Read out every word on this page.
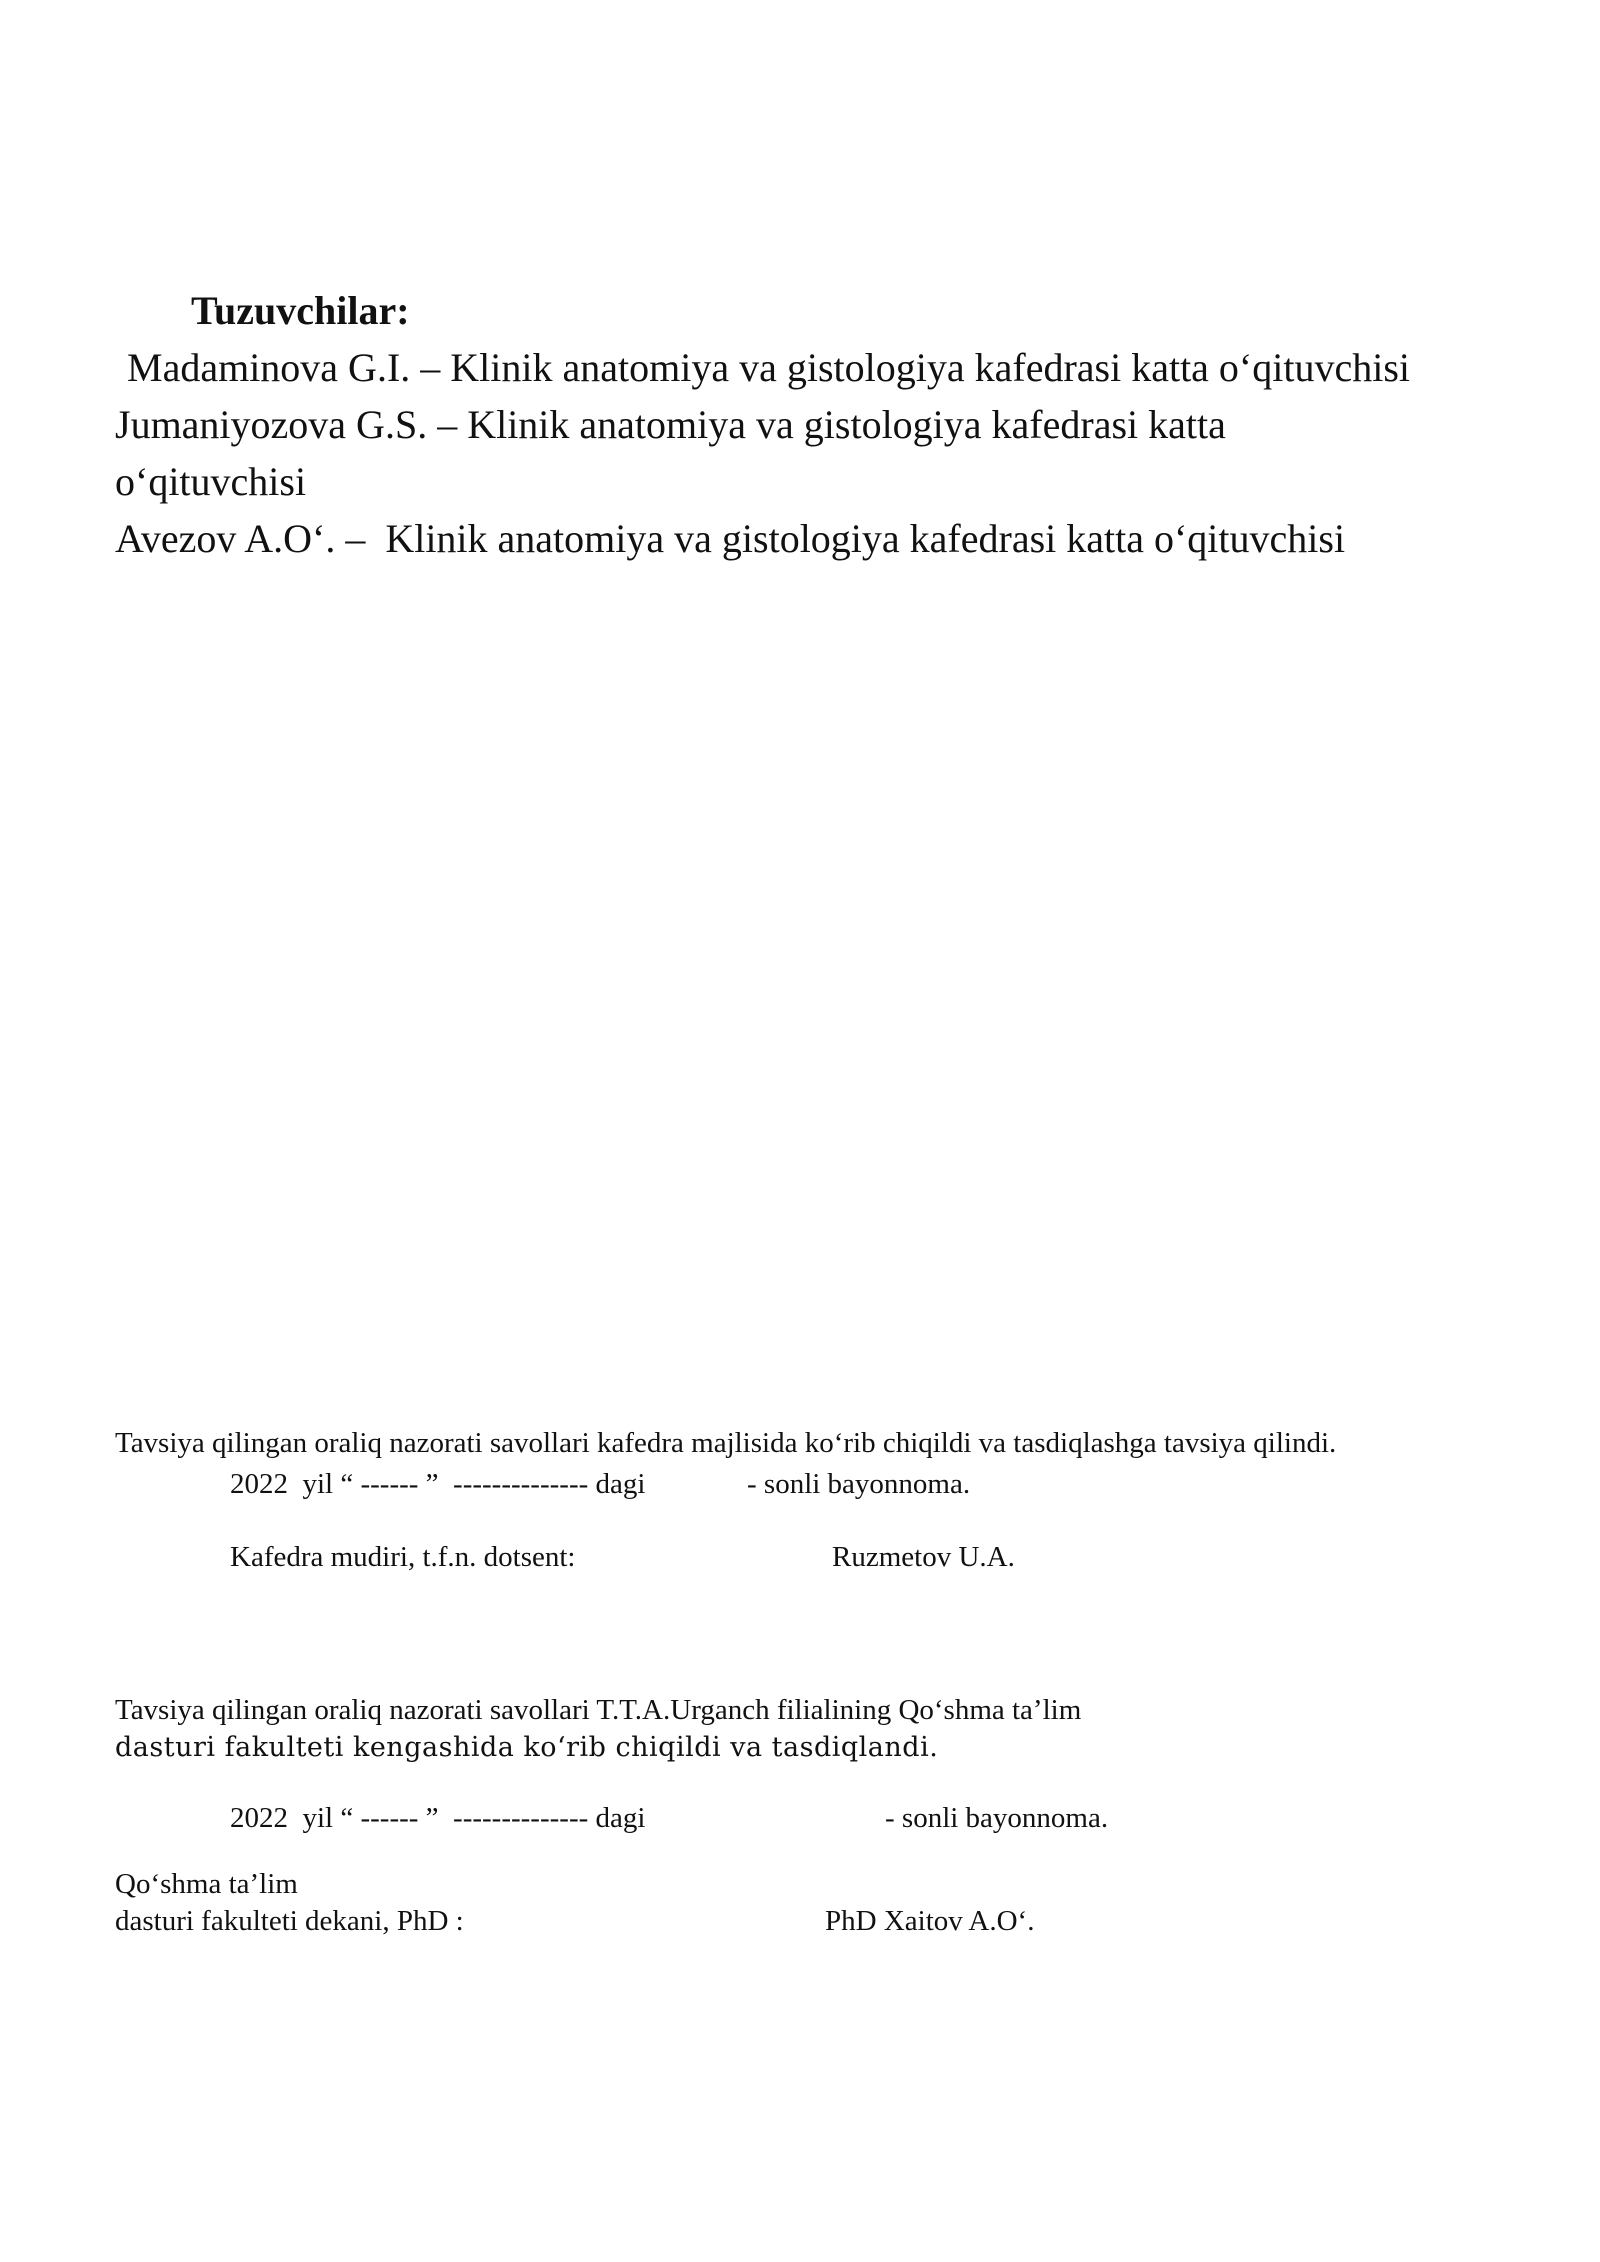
Tuzuvchilar:

Madaminova G.I. – Klinik anatomiya va gistologiya kafedrasi katta o‘qituvchisi

Jumaniyozova G.S. – Klinik anatomiya va gistologiya kafedrasi katta o‘qituvchisi

Avezov A.O‘. –  Klinik anatomiya va gistologiya kafedrasi katta o‘qituvchisi

Tavsiya qilingan oraliq nazorati savollari kafedra majlisida ko‘rib chiqildi va tasdiqlashga tavsiya qilindi.

2022  yil “ ------ ”  -------------- dagi	- sonli bayonnoma.
Kafedra mudiri, t.f.n. dotsent:	Ruzmetov U.A.

Tavsiya qilingan oraliq nazorati savollari T.T.A.Urganch filialining Qo‘shma ta’lim

dasturi fakulteti kengashida ko‘rib chiqildi va tasdiqlandi.

2022  yil “ ------ ”  -------------- dagi	- sonli bayonnoma.

Qo‘shma ta’lim

dasturi fakulteti dekani, PhD :	PhD Xaitov A.O‘.
